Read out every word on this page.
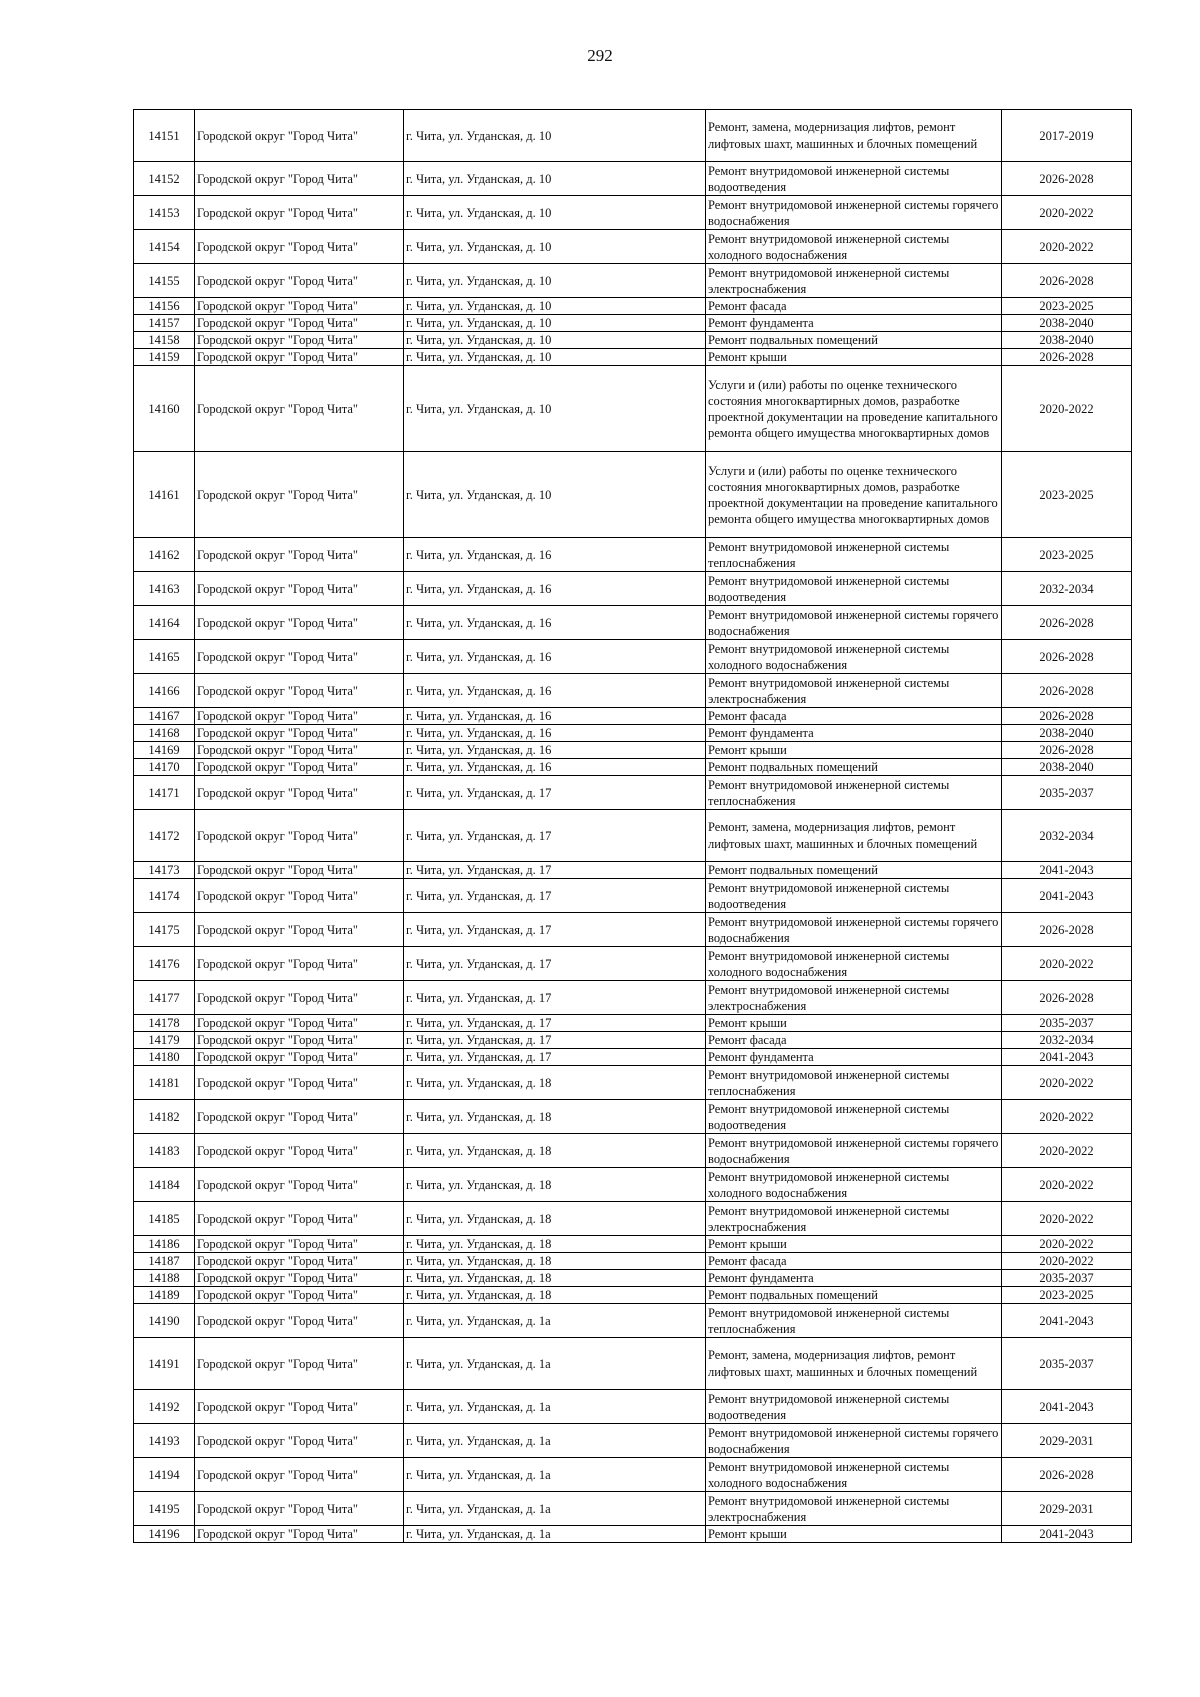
292
14151	Городской округ "Город Чита"	г. Чита, ул. Угданская, д. 10	Ремонт, замена, модернизация лифтов, ремонт лифтовых шахт, машинных и блочных помещений	2017-2019
14152	Городской округ "Город Чита"	г. Чита, ул. Угданская, д. 10	Ремонт внутридомовой инженерной системы водоотведения	2026-2028
14153	Городской округ "Город Чита"	г. Чита, ул. Угданская, д. 10	Ремонт внутридомовой инженерной системы горячего водоснабжения	2020-2022
14154	Городской округ "Город Чита"	г. Чита, ул. Угданская, д. 10	Ремонт внутридомовой инженерной системы холодного водоснабжения	2020-2022
14155	Городской округ "Город Чита"	г. Чита, ул. Угданская, д. 10	Ремонт внутридомовой инженерной системы электроснабжения	2026-2028
14156	Городской округ "Город Чита"	г. Чита, ул. Угданская, д. 10	Ремонт фасада	2023-2025
14157	Городской округ "Город Чита"	г. Чита, ул. Угданская, д. 10	Ремонт фундамента	2038-2040
14158	Городской округ "Город Чита"	г. Чита, ул. Угданская, д. 10	Ремонт подвальных помещений	2038-2040
14159	Городской округ "Город Чита"	г. Чита, ул. Угданская, д. 10	Ремонт крыши	2026-2028
14160	Городской округ "Город Чита"	г. Чита, ул. Угданская, д. 10	Услуги и (или) работы по оценке технического состояния многоквартирных домов, разработке проектной документации на проведение капитального ремонта общего имущества многоквартирных домов	2020-2022
14161	Городской округ "Город Чита"	г. Чита, ул. Угданская, д. 10	Услуги и (или) работы по оценке технического состояния многоквартирных домов, разработке проектной документации на проведение капитального ремонта общего имущества многоквартирных домов	2023-2025
14162	Городской округ "Город Чита"	г. Чита, ул. Угданская, д. 16	Ремонт внутридомовой инженерной системы теплоснабжения	2023-2025
14163	Городской округ "Город Чита"	г. Чита, ул. Угданская, д. 16	Ремонт внутридомовой инженерной системы водоотведения	2032-2034
14164	Городской округ "Город Чита"	г. Чита, ул. Угданская, д. 16	Ремонт внутридомовой инженерной системы горячего водоснабжения	2026-2028
14165	Городской округ "Город Чита"	г. Чита, ул. Угданская, д. 16	Ремонт внутридомовой инженерной системы холодного водоснабжения	2026-2028
14166	Городской округ "Город Чита"	г. Чита, ул. Угданская, д. 16	Ремонт внутридомовой инженерной системы электроснабжения	2026-2028
14167	Городской округ "Город Чита"	г. Чита, ул. Угданская, д. 16	Ремонт фасада	2026-2028
14168	Городской округ "Город Чита"	г. Чита, ул. Угданская, д. 16	Ремонт фундамента	2038-2040
14169	Городской округ "Город Чита"	г. Чита, ул. Угданская, д. 16	Ремонт крыши	2026-2028
14170	Городской округ "Город Чита"	г. Чита, ул. Угданская, д. 16	Ремонт подвальных помещений	2038-2040
14171	Городской округ "Город Чита"	г. Чита, ул. Угданская, д. 17	Ремонт внутридомовой инженерной системы теплоснабжения	2035-2037
14172	Городской округ "Город Чита"	г. Чита, ул. Угданская, д. 17	Ремонт, замена, модернизация лифтов, ремонт лифтовых шахт, машинных и блочных помещений	2032-2034
14173	Городской округ "Город Чита"	г. Чита, ул. Угданская, д. 17	Ремонт подвальных помещений	2041-2043
14174	Городской округ "Город Чита"	г. Чита, ул. Угданская, д. 17	Ремонт внутридомовой инженерной системы водоотведения	2041-2043
14175	Городской округ "Город Чита"	г. Чита, ул. Угданская, д. 17	Ремонт внутридомовой инженерной системы горячего водоснабжения	2026-2028
14176	Городской округ "Город Чита"	г. Чита, ул. Угданская, д. 17	Ремонт внутридомовой инженерной системы холодного водоснабжения	2020-2022
14177	Городской округ "Город Чита"	г. Чита, ул. Угданская, д. 17	Ремонт внутридомовой инженерной системы электроснабжения	2026-2028
14178	Городской округ "Город Чита"	г. Чита, ул. Угданская, д. 17	Ремонт крыши	2035-2037
14179	Городской округ "Город Чита"	г. Чита, ул. Угданская, д. 17	Ремонт фасада	2032-2034
14180	Городской округ "Город Чита"	г. Чита, ул. Угданская, д. 17	Ремонт фундамента	2041-2043
14181	Городской округ "Город Чита"	г. Чита, ул. Угданская, д. 18	Ремонт внутридомовой инженерной системы теплоснабжения	2020-2022
14182	Городской округ "Город Чита"	г. Чита, ул. Угданская, д. 18	Ремонт внутридомовой инженерной системы водоотведения	2020-2022
14183	Городской округ "Город Чита"	г. Чита, ул. Угданская, д. 18	Ремонт внутридомовой инженерной системы горячего водоснабжения	2020-2022
14184	Городской округ "Город Чита"	г. Чита, ул. Угданская, д. 18	Ремонт внутридомовой инженерной системы холодного водоснабжения	2020-2022
14185	Городской округ "Город Чита"	г. Чита, ул. Угданская, д. 18	Ремонт внутридомовой инженерной системы электроснабжения	2020-2022
14186	Городской округ "Город Чита"	г. Чита, ул. Угданская, д. 18	Ремонт крыши	2020-2022
14187	Городской округ "Город Чита"	г. Чита, ул. Угданская, д. 18	Ремонт фасада	2020-2022
14188	Городской округ "Город Чита"	г. Чита, ул. Угданская, д. 18	Ремонт фундамента	2035-2037
14189	Городской округ "Город Чита"	г. Чита, ул. Угданская, д. 18	Ремонт подвальных помещений	2023-2025
14190	Городской округ "Город Чита"	г. Чита, ул. Угданская, д. 1а	Ремонт внутридомовой инженерной системы теплоснабжения	2041-2043
14191	Городской округ "Город Чита"	г. Чита, ул. Угданская, д. 1а	Ремонт, замена, модернизация лифтов, ремонт лифтовых шахт, машинных и блочных помещений	2035-2037
14192	Городской округ "Город Чита"	г. Чита, ул. Угданская, д. 1а	Ремонт внутридомовой инженерной системы водоотведения	2041-2043
14193	Городской округ "Город Чита"	г. Чита, ул. Угданская, д. 1а	Ремонт внутридомовой инженерной системы горячего водоснабжения	2029-2031
14194	Городской округ "Город Чита"	г. Чита, ул. Угданская, д. 1а	Ремонт внутридомовой инженерной системы холодного водоснабжения	2026-2028
14195	Городской округ "Город Чита"	г. Чита, ул. Угданская, д. 1а	Ремонт внутридомовой инженерной системы электроснабжения	2029-2031
14196	Городской округ "Город Чита"	г. Чита, ул. Угданская, д. 1а	Ремонт крыши	2041-2043
